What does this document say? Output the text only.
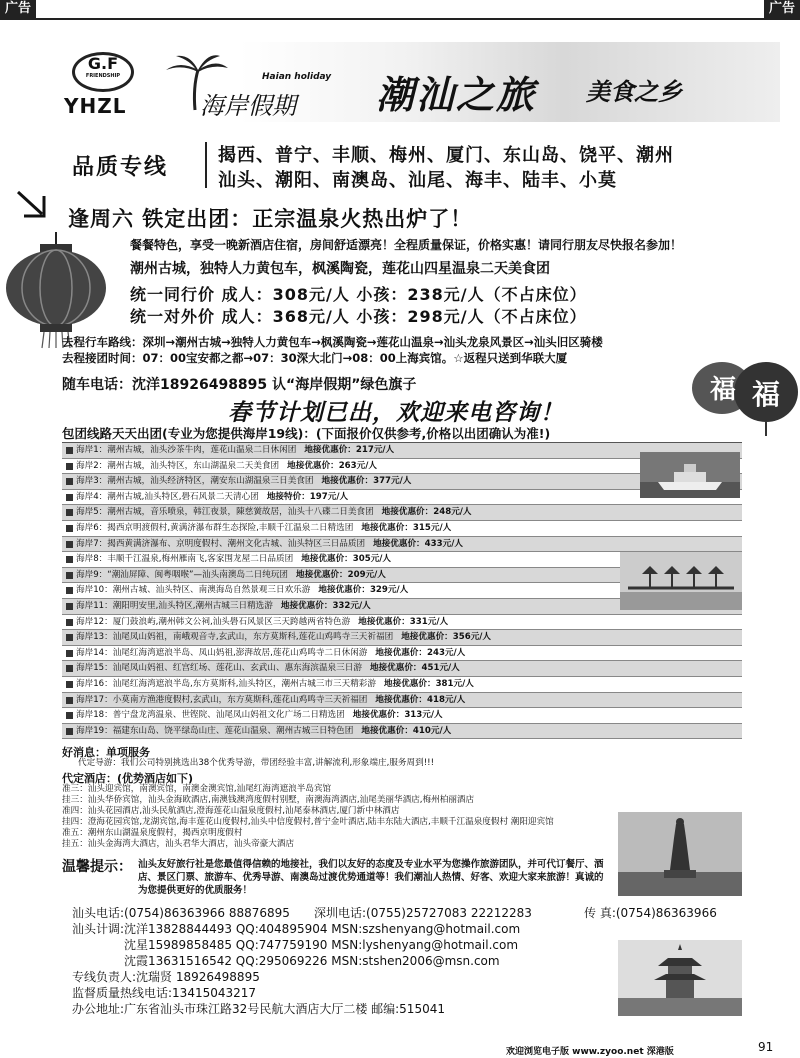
广告	广告
G.F
FRIENDSHIP
YHZL
Haian holiday
海岸假期 潮汕之旅 美食之乡
品质专线	揭西、普宁、丰顺、梅州、厦门、东山岛、饶平、潮州
汕头、潮阳、南澳岛、汕尾、海丰、陆丰、小莫
逢周六 铁定出团：正宗温泉火热出炉了！
餐餐特色，享受一晚新酒店住宿，房间舒适漂亮！全程质量保证，价格实惠！请同行朋友尽快报名参加！
潮州古城，独特人力黄包车，枫溪陶瓷，莲花山四星温泉二天美食团
统一同行价 成人：308元/人 小孩：238元/人（不占床位）
统一对外价 成人：368元/人 小孩：298元/人（不占床位）
去程行车路线：深圳→潮州古城→独特人力黄包车→枫溪陶瓷→莲花山温泉→汕头龙泉风景区→汕头旧区骑楼
去程接团时间：07：00宝安都之都→07：30深大北门→08：00上海宾馆。☆返程只送到华联大厦
随车电话：沈洋18926498895 认“海岸假期”绿色旗子
春节计划已出，欢迎来电咨询！
福 福
包团线路天天出团(专业为您提供海岸19线)：(下面报价仅供参考,价格以出团确认为准!)
海岸1：潮州古城，汕头沙茶牛肉，莲花山温泉二日休闲团 地接优惠价：217元/人
海岸2：潮州古城，汕头特区，东山湖温泉二天美食团 地接优惠价：263元/人
海岸3：潮州古城，汕头经济特区，潮安东山湖温泉三日美食团 地接优惠价：377元/人
海岸4：潮州古城,汕头特区,礐石风景二天清心团 地接特价：197元/人
海岸5：潮州古城，音乐喷泉，韩江夜景，陳慈黉故居，汕头十八碟二日美食团 地接优惠价：248元/人
海岸6：揭西京明渡假村,黄满济瀑布群生态探险,丰顺千江温泉二日精选团 地接优惠价：315元/人
海岸7：揭西黄满济瀑布、京明度假村、潮州文化古城、汕头特区三日品质团 地接优惠价：433元/人
海岸8：丰顺千江温泉,梅州雁南飞,客家围龙屋二日品质团 地接优惠价：305元/人
海岸9：“潮汕屏障、闽粤咽喉”—汕头南澳岛二日纯玩团 地接优惠价：209元/人
海岸10：潮州古城、汕头特区、南澳海岛自然景观三日欢乐游 地接优惠价：329元/人
海岸11：潮阳明安里,汕头特区,潮州古城三日精选游 地接优惠价：332元/人
海岸12：厦门鼓浪屿,潮州韩文公祠,汕头礐石风景区三天跨越两省特色游 地接优惠价：331元/人
海岸13：汕尾凤山妈祖，南峨观音寺,玄武山，东方莫斯科,莲花山鸡鸣寺三天祈福团 地接优惠价：356元/人
海岸14：汕尾红海湾遮浪半岛、凤山妈祖,澎湃故居,莲花山鸡鸣寺二日休闲游 地接优惠价：243元/人
海岸15：汕尾凤山妈祖、红宫红场、莲花山、玄武山、惠东海滨温泉三日游 地接优惠价：451元/人
海岸16：汕尾红海湾遮浪半岛,东方莫斯科,汕头特区，潮州古城三市三天精彩游 地接优惠价：381元/人
海岸17：小莫南方渔港度假村,玄武山，东方莫斯科,莲花山鸡鸣寺三天祈福团 地接优惠价：418元/人
海岸18：普宁盘龙湾温泉、世铿院、汕尾凤山妈祖文化广场二日精选团 地接优惠价：313元/人
海岸19：福建东山岛、饶平绿岛山庄、莲花山温泉、潮州古城三日特色团 地接优惠价：410元/人
好消息：单项服务
代定导游：我们公司特别挑选出38个优秀导游，带团经验丰富,讲解流利,形象端庄,服务周到!!!
代定酒店：(优势酒店如下)
准三：汕头迎宾馆，南澳宾馆，南澳金澳宾馆,汕尾红海湾遮浪半岛宾馆
挂三：汕头华侨宾馆，汕头金海欧酒店,南澳钱澳湾度假村别墅，南澳海湾酒店,汕尾美丽华酒店,梅州柏丽酒店
准四：汕头花园酒店,汕头民航酒店,澄海莲花山温泉度假村,汕尾泰林酒店,厦门新中林酒店
挂四：澄海花园宾馆,龙湖宾馆,海丰莲花山度假村,汕头中信度假村,普宁金叶酒店,陆丰东陆大酒店,丰顺千江温泉度假村 潮阳迎宾馆
准五：潮州东山湖温泉度假村，揭西京明度假村
挂五：汕头金海湾大酒店，汕头君华大酒店，汕头帝豪大酒店
温馨提示： 汕头友好旅行社是您最值得信赖的地接社，我们以友好的态度及专业水平为您操作旅游团队，并可代订餐厅、酒店、景区门票、旅游车、优秀导游、南澳岛过渡优势通道等！我们潮汕人热情、好客、欢迎大家来旅游！真诚的为您提供更好的优质服务！
汕头电话:(0754)86363966 88876895 深圳电话:(0755)25727083 22212283	传 真:(0754)86363966
汕头计调:沈洋13828844493 QQ:404895904 MSN:szshenyang@hotmail.com
沈星15989858485 QQ:747759190 MSN:lyshenyang@hotmail.com
沈霞13631516542 QQ:295069226 MSN:stshen2006@msn.com
专线负责人:沈瑞贤 18926498895
监督质量热线电话:13415043217
办公地址:广东省汕头市珠江路32号民航大酒店大厅二楼 邮编:515041
欢迎浏览电子版 www.zyoo.net 深港版	91
